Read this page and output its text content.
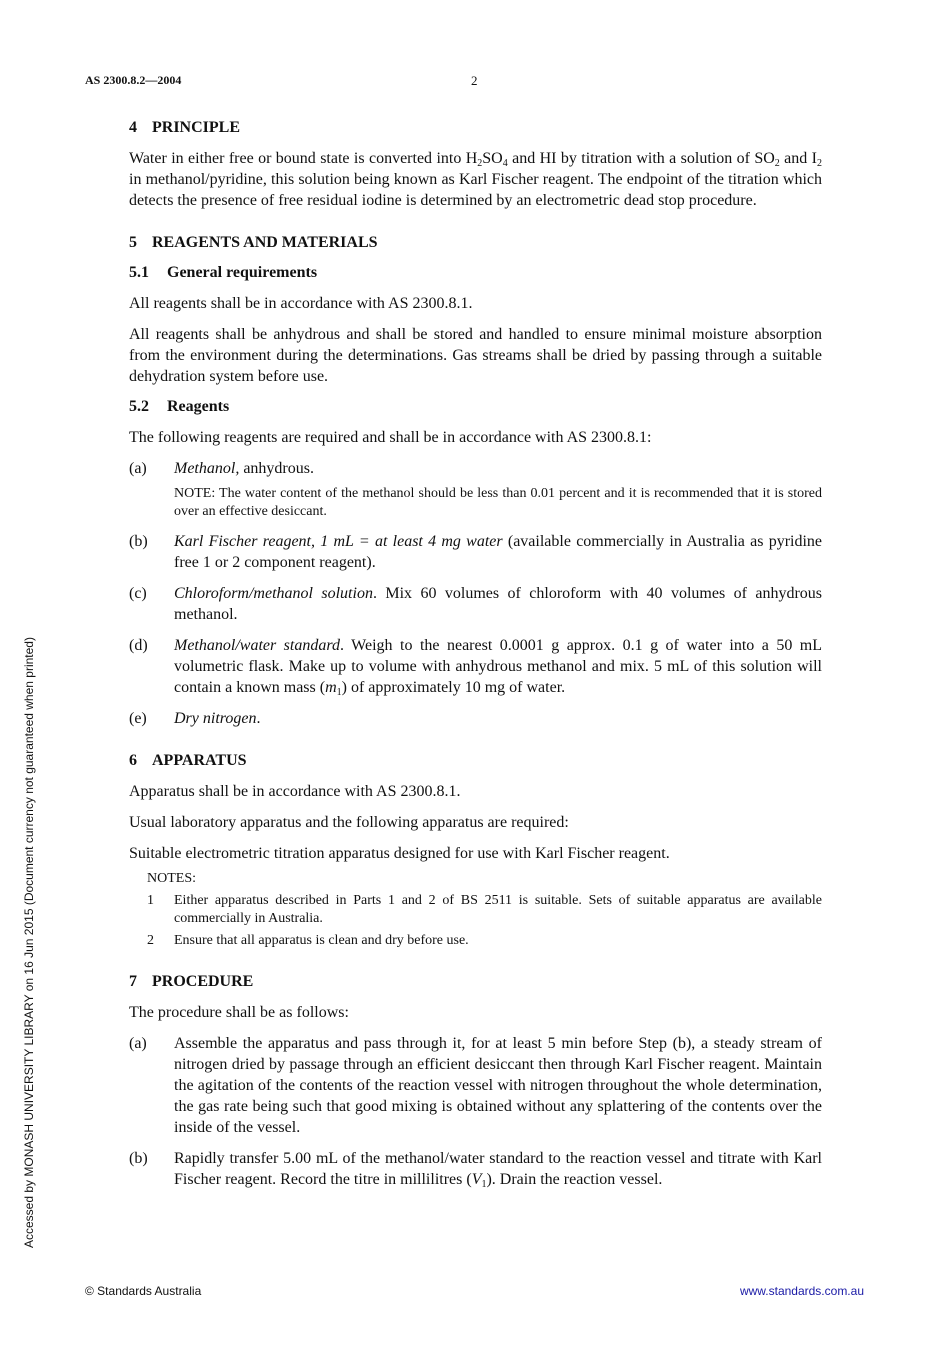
AS 2300.8.2—2004	2
Accessed by MONASH UNIVERSITY LIBRARY on 16 Jun 2015 (Document currency not guaranteed when printed)
4 PRINCIPLE

Water in either free or bound state is converted into $H_2SO_4$ and HI by titration with a solution of $SO_2$ and $I_2$ in methanol/pyridine, this solution being known as Karl Fischer reagent. The endpoint of the titration which detects the presence of free residual iodine is determined by an electrometric dead stop procedure.

5 REAGENTS AND MATERIALS
5.1 General requirements

All reagents shall be in accordance with AS 2300.8.1.

All reagents shall be anhydrous and shall be stored and handled to ensure minimal moisture absorption from the environment during the determinations. Gas streams shall be dried by passing through a suitable dehydration system before use.

5.2 Reagents

The following reagents are required and shall be in accordance with AS 2300.8.1:

(a) Methanol, anhydrous.
NOTE: The water content of the methanol should be less than 0.01 percent and it is recommended that it is stored over an effective desiccant.
(b) Karl Fischer reagent, 1 mL = at least 4 mg water (available commercially in Australia as pyridine free 1 or 2 component reagent).
(c) Chloroform/methanol solution. Mix 60 volumes of chloroform with 40 volumes of anhydrous methanol.
(d) Methanol/water standard. Weigh to the nearest 0.0001 g approx. 0.1 g of water into a 50 mL volumetric flask. Make up to volume with anhydrous methanol and mix. 5 mL of this solution will contain a known mass $(m_1)$ of approximately 10 mg of water.
(e) Dry nitrogen.
6 APPARATUS

Apparatus shall be in accordance with AS 2300.8.1.

Usual laboratory apparatus and the following apparatus are required:

Suitable electrometric titration apparatus designed for use with Karl Fischer reagent.

NOTES:
1 Either apparatus described in Parts 1 and 2 of BS 2511 is suitable. Sets of suitable apparatus are available commercially in Australia.
2 Ensure that all apparatus is clean and dry before use.
7 PROCEDURE

The procedure shall be as follows:

(a) Assemble the apparatus and pass through it, for at least 5 min before Step (b), a steady stream of nitrogen dried by passage through an efficient desiccant then through Karl Fischer reagent. Maintain the agitation of the contents of the reaction vessel with nitrogen throughout the whole determination, the gas rate being such that good mixing is obtained without any splattering of the contents over the inside of the vessel.
(b) Rapidly transfer 5.00 mL of the methanol/water standard to the reaction vessel and titrate with Karl Fischer reagent. Record the titre in millilitres $(V_1)$. Drain the reaction vessel.
© Standards Australia	www.standards.com.au
